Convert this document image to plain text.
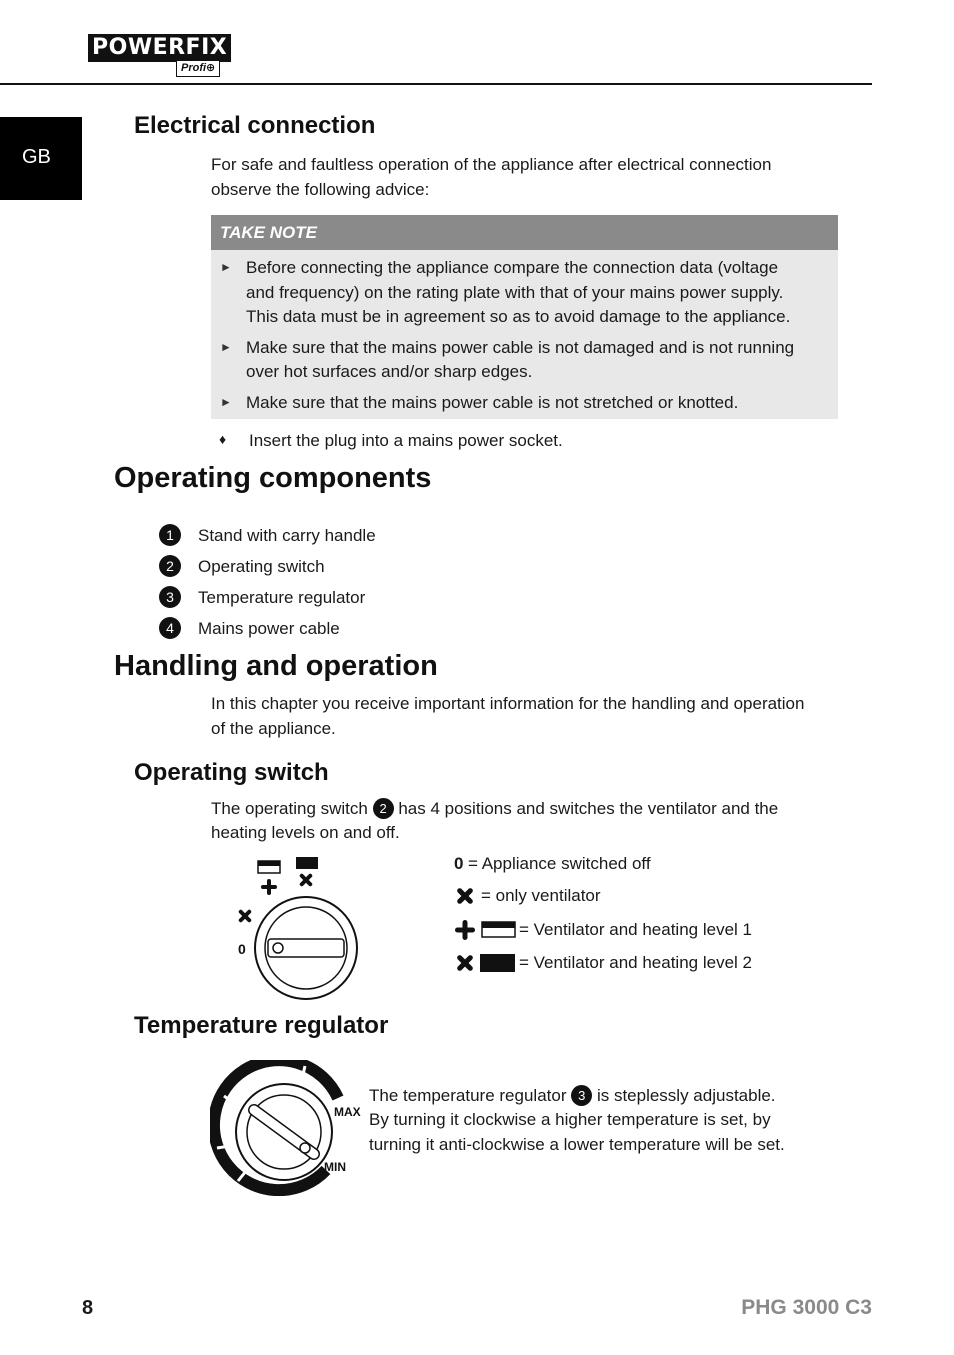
POWERFIX
Profi⊕
GB
Electrical connection
For safe and faultless operation of the appliance after electrical connection
observe the following advice:
TAKE NOTE
► Before connecting the appliance compare the connection data (voltage
and frequency) on the rating plate with that of your mains power supply.
This data must be in agreement so as to avoid damage to the appliance.
► Make sure that the mains power cable is not damaged and is not running
over hot surfaces and/or sharp edges.
► Make sure that the mains power cable is not stretched or knotted.
♦ Insert the plug into a mains power socket.
Operating components
1	Stand with carry handle
2	Operating switch
3	Temperature regulator
4	Mains power cable
Handling and operation
In this chapter you receive important information for the handling and operation
of the appliance.
Operating switch
The operating switch 2 has 4 positions and switches the ventilator and the
heating levels on and off.
0
0 = Appliance switched off
= only ventilator
= Ventilator and heating level 1
= Ventilator and heating level 2
Temperature regulator
MAX
MIN
The temperature regulator 3 is steplessly adjustable.
By turning it clockwise a higher temperature is set, by
turning it anti-clockwise a lower temperature will be set.
8	PHG 3000 C3
